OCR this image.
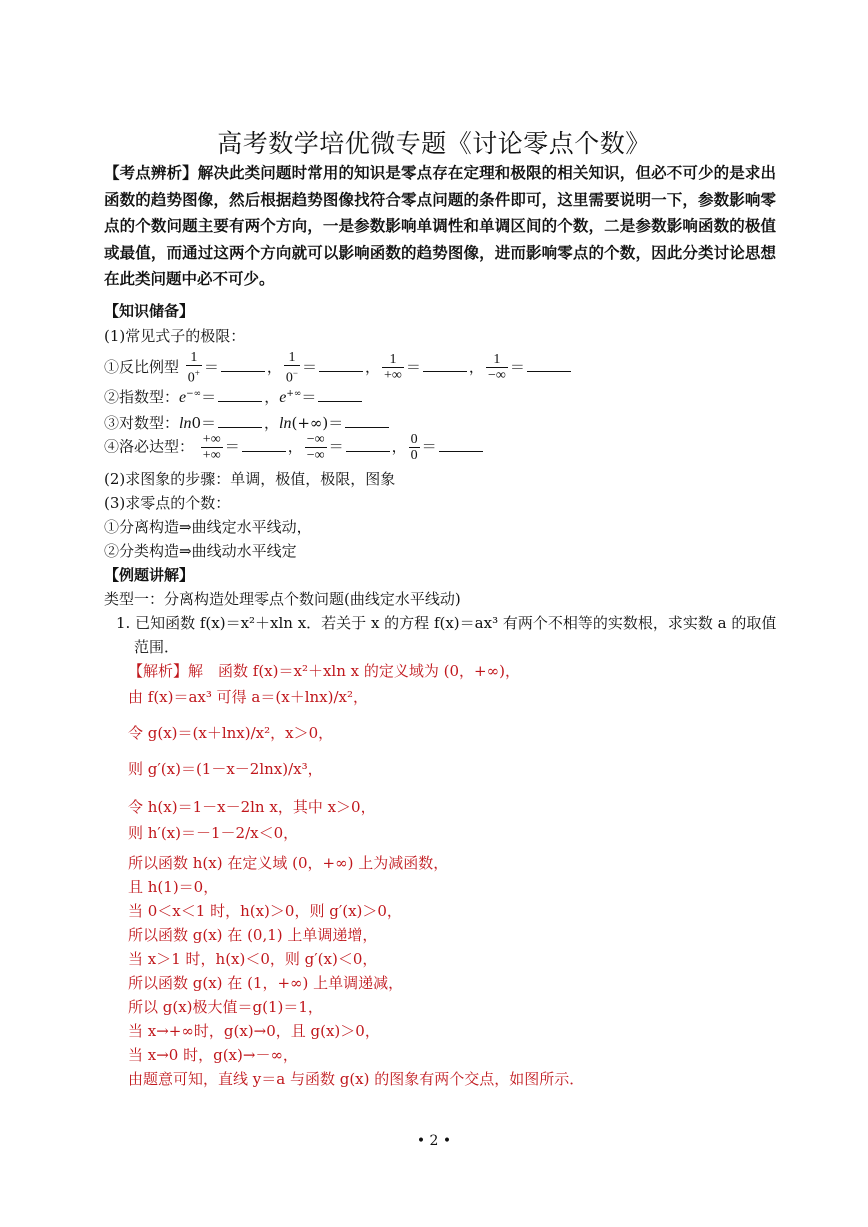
高考数学培优微专题《讨论零点个数》
【考点辨析】解决此类问题时常用的知识是零点存在定理和极限的相关知识，但必不可少的是求出函数的趋势图像，然后根据趋势图像找符合零点问题的条件即可，这里需要说明一下，参数影响零点的个数问题主要有两个方向，一是参数影响单调性和单调区间的个数，二是参数影响函数的极值或最值，而通过这两个方向就可以影响函数的趋势图像，进而影响零点的个数，因此分类讨论思想在此类问题中必不可少。
【知识储备】
(1)常见式子的极限：
①反比例型 $\frac{1}{0^+}$ ＝	， $\frac{1}{0^-}$ ＝	， $\frac{1}{+\infty}$ ＝	， $\frac{1}{-\infty}$ ＝
②指数型：e−∞＝	，e+∞＝
③对数型：ln0＝	，ln(+∞)＝
④洛必达型： $\frac{+\infty}{+\infty}$ ＝	， $\frac{-\infty}{-\infty}$ ＝	， $\frac{0}{0}$ ＝
(2)求图象的步骤：单调，极值，极限，图象
(3)求零点的个数：
①分离构造⇒曲线定水平线动，
②分类构造⇒曲线动水平线定
【例题讲解】
类型一：分离构造处理零点个数问题(曲线定水平线动)
1. 已知函数 f(x)＝x²＋xln x．若关于 x 的方程 f(x)＝ax³ 有两个不相等的实数根，求实数 a 的取值
范围．
【解析】解　函数 f(x)＝x²＋xln x 的定义域为 (0，+∞)，
由 f(x)＝ax³ 可得 a＝(x＋lnx)/x²，
令 g(x)＝(x＋lnx)/x²，x＞0，
则 g′(x)＝(1－x－2lnx)/x³，
令 h(x)＝1－x－2ln x，其中 x＞0，
则 h′(x)＝－1－2/x＜0，
所以函数 h(x) 在定义域 (0，+∞) 上为减函数，
且 h(1)＝0，
当 0＜x＜1 时，h(x)＞0，则 g′(x)＞0，
所以函数 g(x) 在 (0,1) 上单调递增，
当 x＞1 时，h(x)＜0，则 g′(x)＜0，
所以函数 g(x) 在 (1，+∞) 上单调递减，
所以 g(x)极大值＝g(1)＝1，
当 x→+∞时，g(x)→0，且 g(x)＞0，
当 x→0 时，g(x)→－∞，
由题意可知，直线 y＝a 与函数 g(x) 的图象有两个交点，如图所示．
• 2 •
